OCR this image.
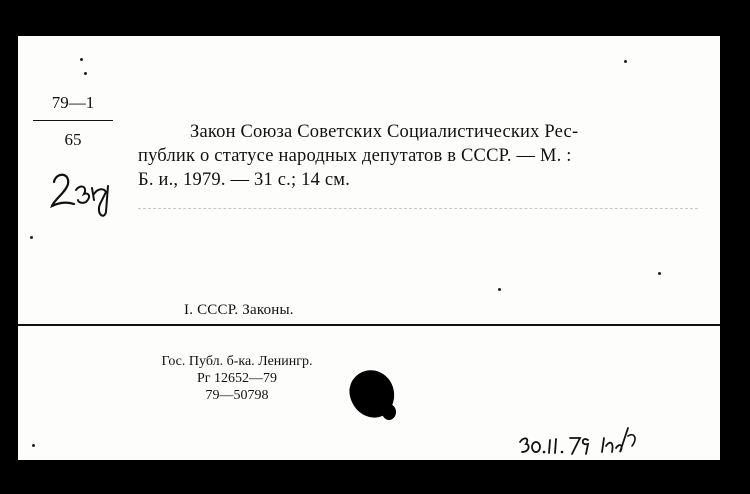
79—1
65	Закон Союза Советских Социалистических Рес-
публик о статусе народных депутатов в СССР. — М. :
Б. и., 1979. — 31 с.; 14 см.
I. СССР. Законы.
Гос. Публ. б-ка. Ленингр.
Рг 12652—79
79—50798
